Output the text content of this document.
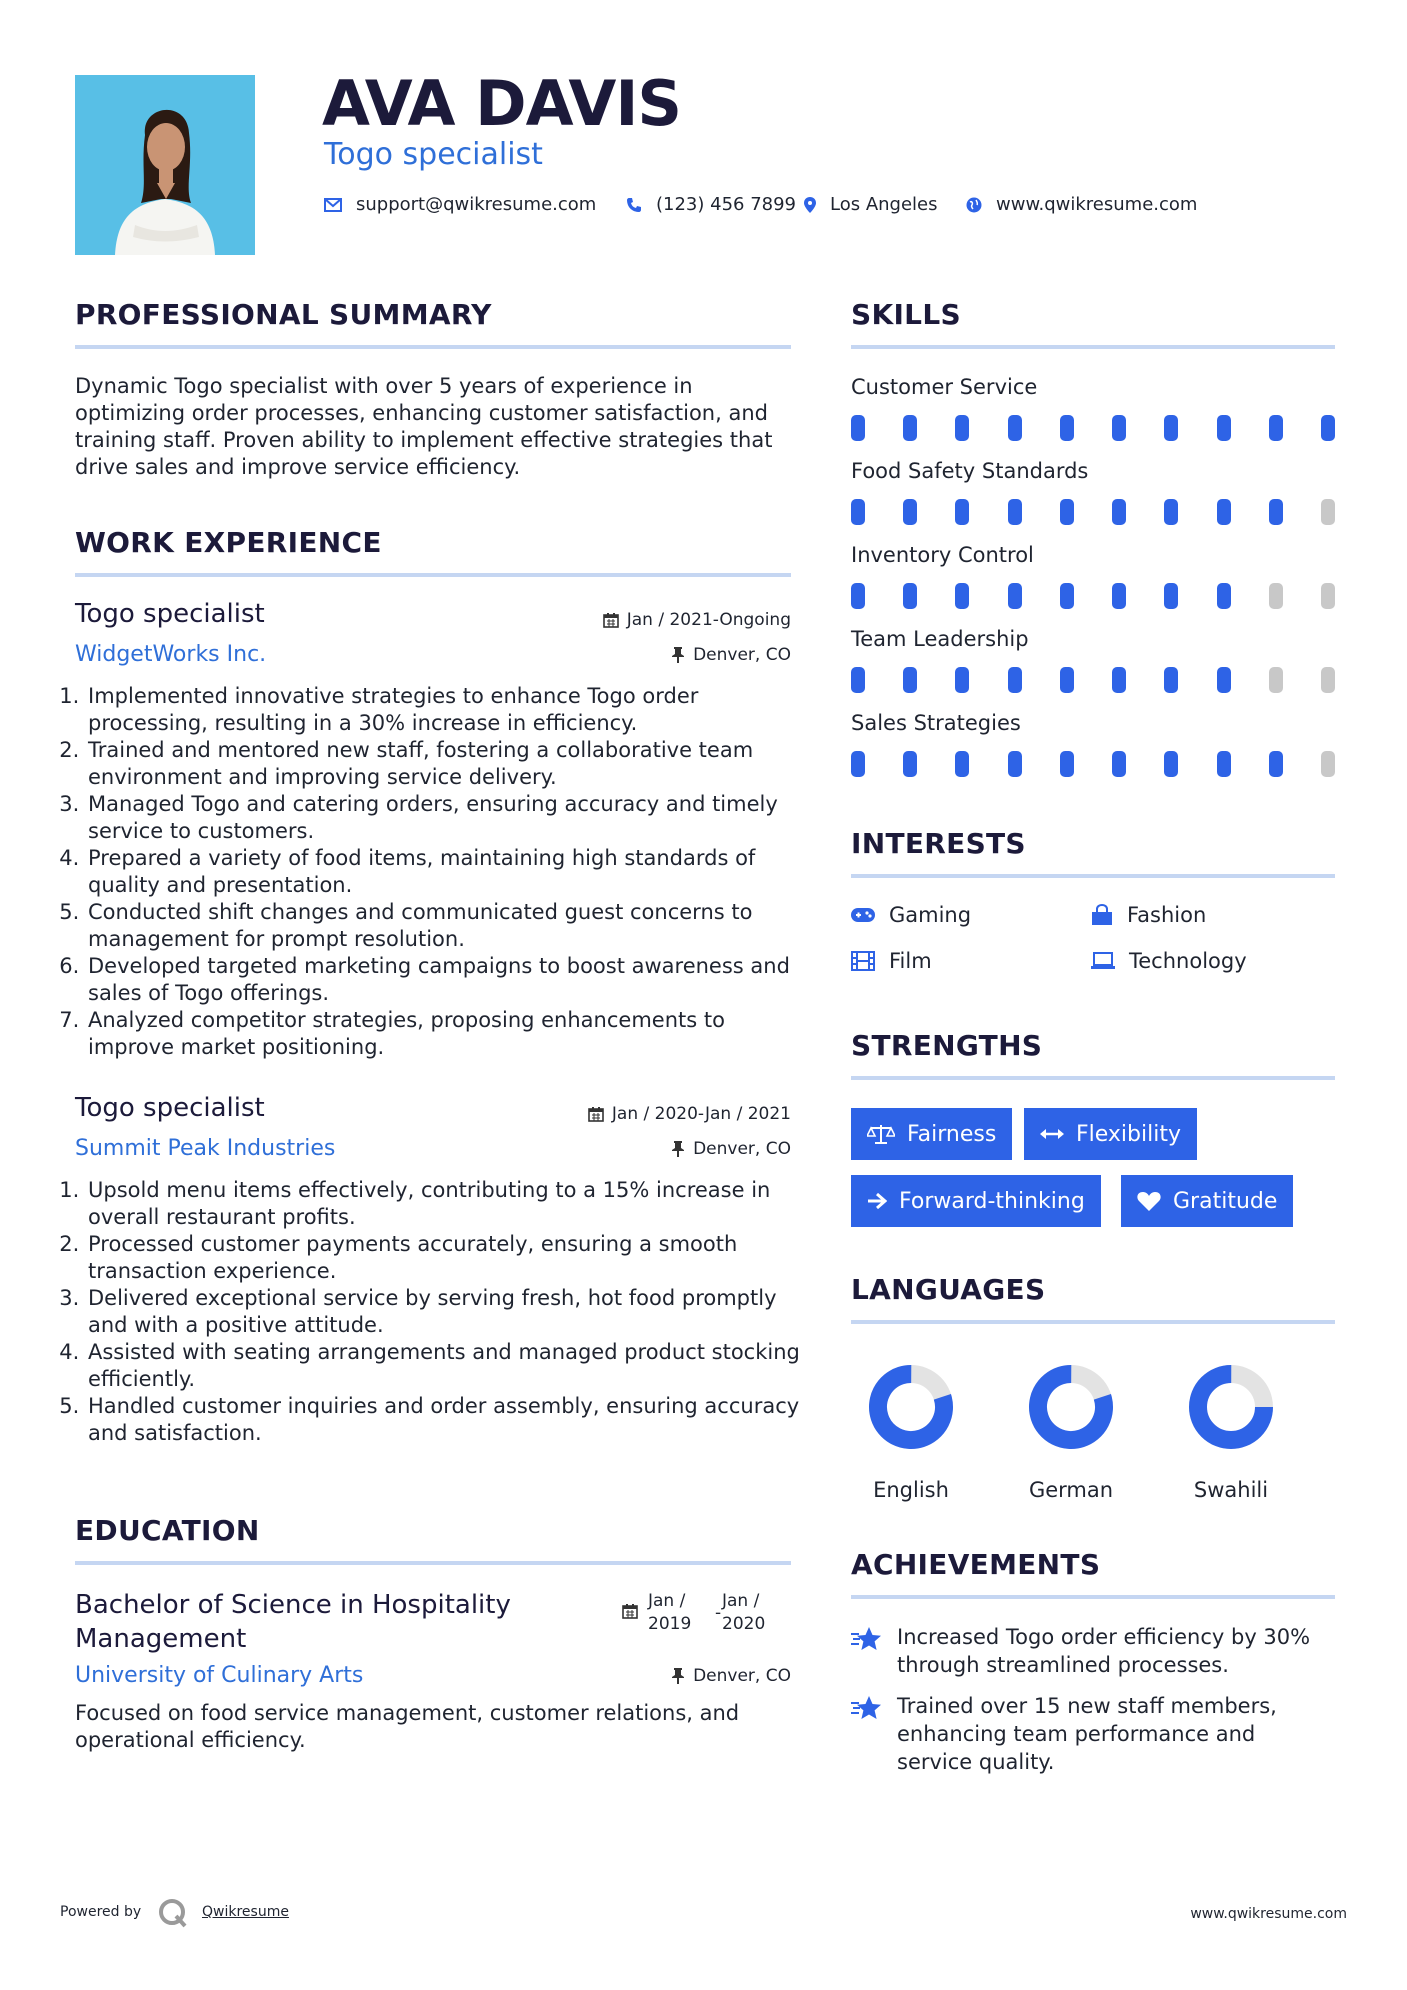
AVA DAVIS
Togo specialist
support@qwikresume.com	(123) 456 7899 Los Angeles	www.qwikresume.com
PROFESSIONAL SUMMARY
Dynamic Togo specialist with over 5 years of experience in optimizing order processes, enhancing customer satisfaction, and training staff. Proven ability to implement effective strategies that drive sales and improve service efficiency.
WORK EXPERIENCE
Togo specialist
WidgetWorks Inc.
Jan / 2021-Ongoing
Denver, CO
1. Implemented innovative strategies to enhance Togo order processing, resulting in a 30% increase in efficiency.
2. Trained and mentored new staff, fostering a collaborative team environment and improving service delivery.
3. Managed Togo and catering orders, ensuring accuracy and timely service to customers.
4. Prepared a variety of food items, maintaining high standards of quality and presentation.
5. Conducted shift changes and communicated guest concerns to management for prompt resolution.
6. Developed targeted marketing campaigns to boost awareness and sales of Togo offerings.
7. Analyzed competitor strategies, proposing enhancements to improve market positioning.
Togo specialist
Summit Peak Industries
Jan / 2020-Jan / 2021
Denver, CO
1. Upsold menu items effectively, contributing to a 15% increase in overall restaurant profits.
2. Processed customer payments accurately, ensuring a smooth transaction experience.
3. Delivered exceptional service by serving fresh, hot food promptly and with a positive attitude.
4. Assisted with seating arrangements and managed product stocking efficiently.
5. Handled customer inquiries and order assembly, ensuring accuracy and satisfaction.
EDUCATION
Bachelor of Science in Hospitality Management
University of Culinary Arts
Jan / 2019
-
Jan / 2020
Denver, CO
Focused on food service management, customer relations, and operational efficiency.
SKILLS
Customer Service
Food Safety Standards
Inventory Control
Team Leadership
Sales Strategies
INTERESTS
Gaming	Fashion
Film	Technology
STRENGTHS
Fairness	Flexibility
Forward-thinking	Gratitude
LANGUAGES
English	German	Swahili
ACHIEVEMENTS
Increased Togo order efficiency by 30% through streamlined processes.
Trained over 15 new staff members, enhancing team performance and service quality.
Powered by	Qwikresume	www.qwikresume.com
